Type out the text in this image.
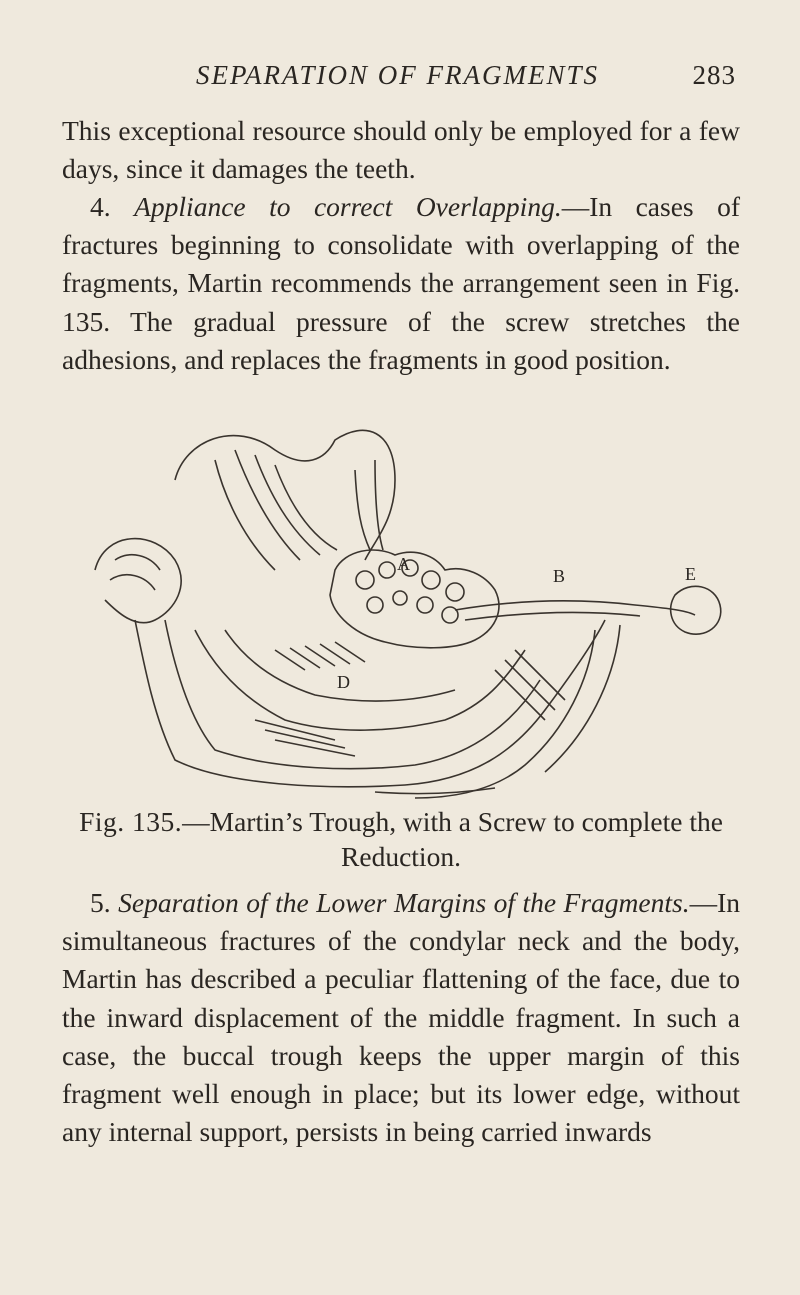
SEPARATION OF FRAGMENTS	283

This exceptional resource should only be employed for a few days, since it damages the teeth.

4. Appliance to correct Overlapping.—In cases of fractures beginning to consolidate with overlapping of the fragments, Martin recommends the arrangement seen in Fig. 135. The gradual pressure of the screw stretches the adhesions, and replaces the fragments in good position.

A
B
D
E

Fig. 135.—Martin’s Trough, with a Screw to complete the Reduction.

5. Separation of the Lower Margins of the Fragments.—In simultaneous fractures of the condylar neck and the body, Martin has described a peculiar flattening of the face, due to the inward displacement of the middle fragment. In such a case, the buccal trough keeps the upper margin of this fragment well enough in place; but its lower edge, without any internal support, persists in being carried inwards
